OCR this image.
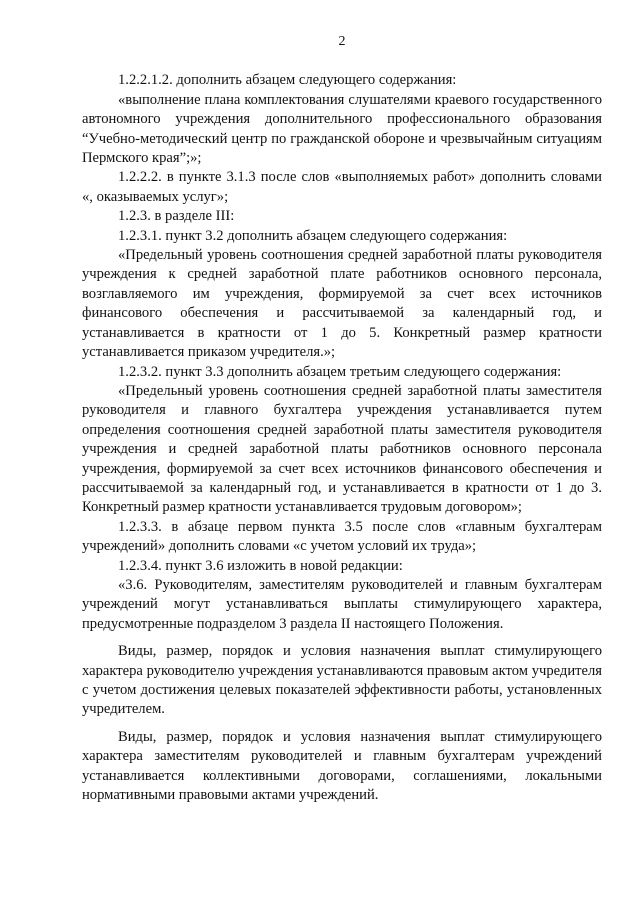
2

1.2.2.1.2. дополнить абзацем следующего содержания:

«выполнение плана комплектования слушателями краевого государственного автономного учреждения дополнительного профессионального образования “Учебно-методический центр по гражданской обороне и чрезвычайным ситуациям Пермского края”;»;

1.2.2.2. в пункте 3.1.3 после слов «выполняемых работ» дополнить словами «, оказываемых услуг»;

1.2.3. в разделе III:

1.2.3.1. пункт 3.2 дополнить абзацем следующего содержания:

«Предельный уровень соотношения средней заработной платы руководителя учреждения к средней заработной плате работников основного персонала, возглавляемого им учреждения, формируемой за счет всех источников финансового обеспечения и рассчитываемой за календарный год, и устанавливается в кратности от 1 до 5. Конкретный размер кратности устанавливается приказом учредителя.»;

1.2.3.2. пункт 3.3 дополнить абзацем третьим следующего содержания:

«Предельный уровень соотношения средней заработной платы заместителя руководителя и главного бухгалтера учреждения устанавливается путем определения соотношения средней заработной платы заместителя руководителя учреждения и средней заработной платы работников основного персонала учреждения, формируемой за счет всех источников финансового обеспечения и рассчитываемой за календарный год, и устанавливается в кратности от 1 до 3. Конкретный размер кратности устанавливается трудовым договором»;

1.2.3.3. в абзаце первом пункта 3.5 после слов «главным бухгалтерам учреждений» дополнить словами «с учетом условий их труда»;

1.2.3.4. пункт 3.6 изложить в новой редакции:

«3.6. Руководителям, заместителям руководителей и главным бухгалтерам учреждений могут устанавливаться выплаты стимулирующего характера, предусмотренные подразделом 3 раздела II настоящего Положения.

Виды, размер, порядок и условия назначения выплат стимулирующего характера руководителю учреждения устанавливаются правовым актом учредителя с учетом достижения целевых показателей эффективности работы, установленных учредителем.

Виды, размер, порядок и условия назначения выплат стимулирующего характера заместителям руководителей и главным бухгалтерам учреждений устанавливается коллективными договорами, соглашениями, локальными нормативными правовыми актами учреждений.
